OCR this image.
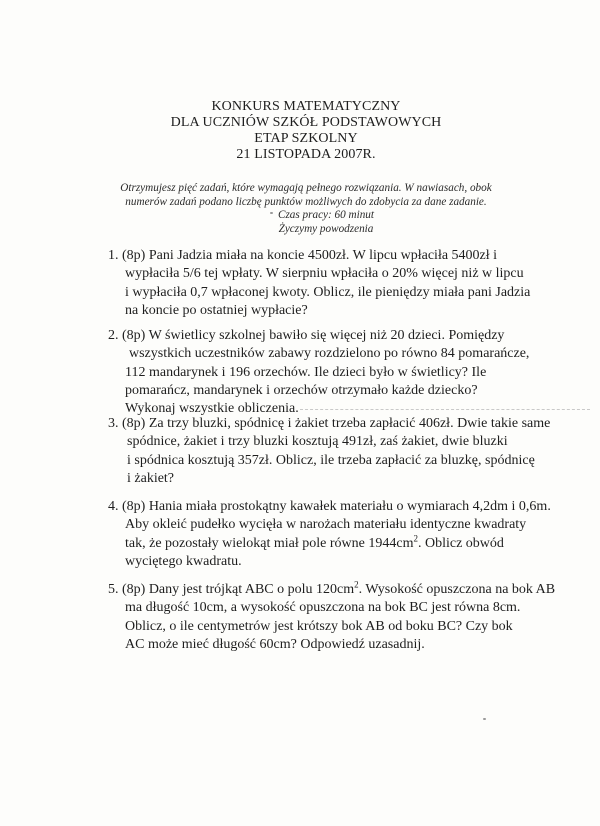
KONKURS MATEMATYCZNY
DLA UCZNIÓW SZKÓŁ PODSTAWOWYCH
ETAP SZKOLNY
21 LISTOPADA 2007R.
Otrzymujesz pięć zadań, które wymagają pełnego rozwiązania. W nawiasach, obok
numerów zadań podano liczbę punktów możliwych do zdobycia za dane zadanie.
Czas pracy: 60 minut
Życzymy powodzenia
1. (8p) Pani Jadzia miała na koncie 4500zł. W lipcu wpłaciła 5400zł i
wypłaciła 5/6 tej wpłaty. W sierpniu wpłaciła o 20% więcej niż w lipcu
i wypłaciła 0,7 wpłaconej kwoty. Oblicz, ile pieniędzy miała pani Jadzia
na koncie po ostatniej wypłacie?
2. (8p) W świetlicy szkolnej bawiło się więcej niż 20 dzieci. Pomiędzy
wszystkich uczestników zabawy rozdzielono po równo 84 pomarańcze,
112 mandarynek i 196 orzechów. Ile dzieci było w świetlicy? Ile
pomarańcz, mandarynek i orzechów otrzymało każde dziecko?
Wykonaj wszystkie obliczenia.
3. (8p) Za trzy bluzki, spódnicę i żakiet trzeba zapłacić 406zł. Dwie takie same
spódnice, żakiet i trzy bluzki kosztują 491zł, zaś żakiet, dwie bluzki
i spódnica kosztują 357zł. Oblicz, ile trzeba zapłacić za bluzkę, spódnicę
i żakiet?
4. (8p) Hania miała prostokątny kawałek materiału o wymiarach 4,2dm i 0,6m.
Aby okleić pudełko wycięła w narożach materiału identyczne kwadraty
tak, że pozostały wielokąt miał pole równe $1944cm^2$. Oblicz obwód
wyciętego kwadratu.
5. (8p) Dany jest trójkąt ABC o polu $120cm^2$. Wysokość opuszczona na bok AB
ma długość 10cm, a wysokość opuszczona na bok BC jest równa 8cm.
Oblicz, o ile centymetrów jest krótszy bok AB od boku BC? Czy bok
AC może mieć długość 60cm? Odpowiedź uzasadnij.
